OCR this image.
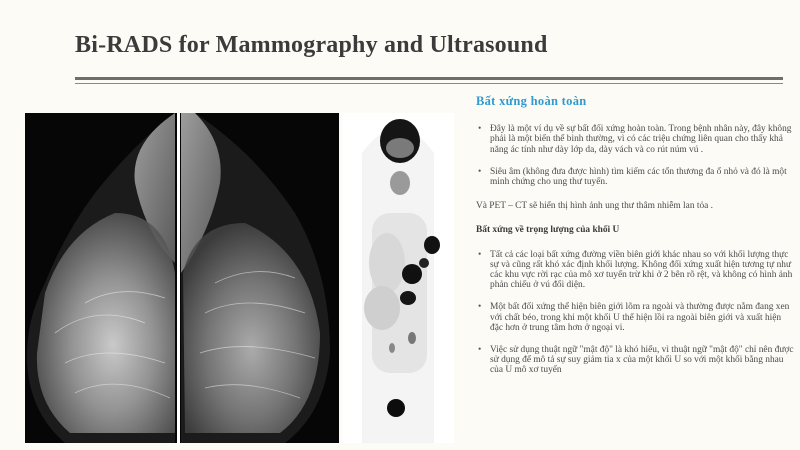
Bi-RADS for Mammography and Ultrasound
Bất xứng hoàn toàn
• Đây là một ví dụ về sự bất đối xứng hoàn toàn. Trong bệnh nhân này, đây không phải là một biến thể bình thường, vì có các triệu chứng liên quan cho thấy khả năng ác tính như dày lớp da, dày vách và co rút núm vú .
• Siêu âm (không đưa được hình) tìm kiếm các tổn thương đa ổ nhỏ và đó là một minh chứng cho ung thư tuyến.
Và PET – CT sẽ hiển thị hình ảnh ung thư thâm nhiễm lan tỏa .
Bất xứng về trọng lượng của khối U
• Tất cả các loại bất xứng đường viền biên giới khác nhau so với khối lượng thực sự và cũng rất khó xác định khối lượng. Không đối xứng xuất hiện tương tự như các khu vực rời rạc của mô xơ tuyến trừ khi ở 2 bên rõ rệt, và không có hình ảnh phản chiếu ở vú đối diện.
• Một bất đối xứng thể hiện biên giới lõm ra ngoài và thường được nằm đang xen với chất béo, trong khi một khối U thể hiện lồi ra ngoài biên giới và xuất hiện đặc hơn ở trung tâm hơn ở ngoại vi.
• Việc sử dụng thuật ngữ "mật độ" là khó hiểu, vì thuật ngữ "mật độ" chỉ nên được sử dụng để mô tả sự suy giảm tia x của một khối U so với một khối bằng nhau của U mô xơ tuyến
